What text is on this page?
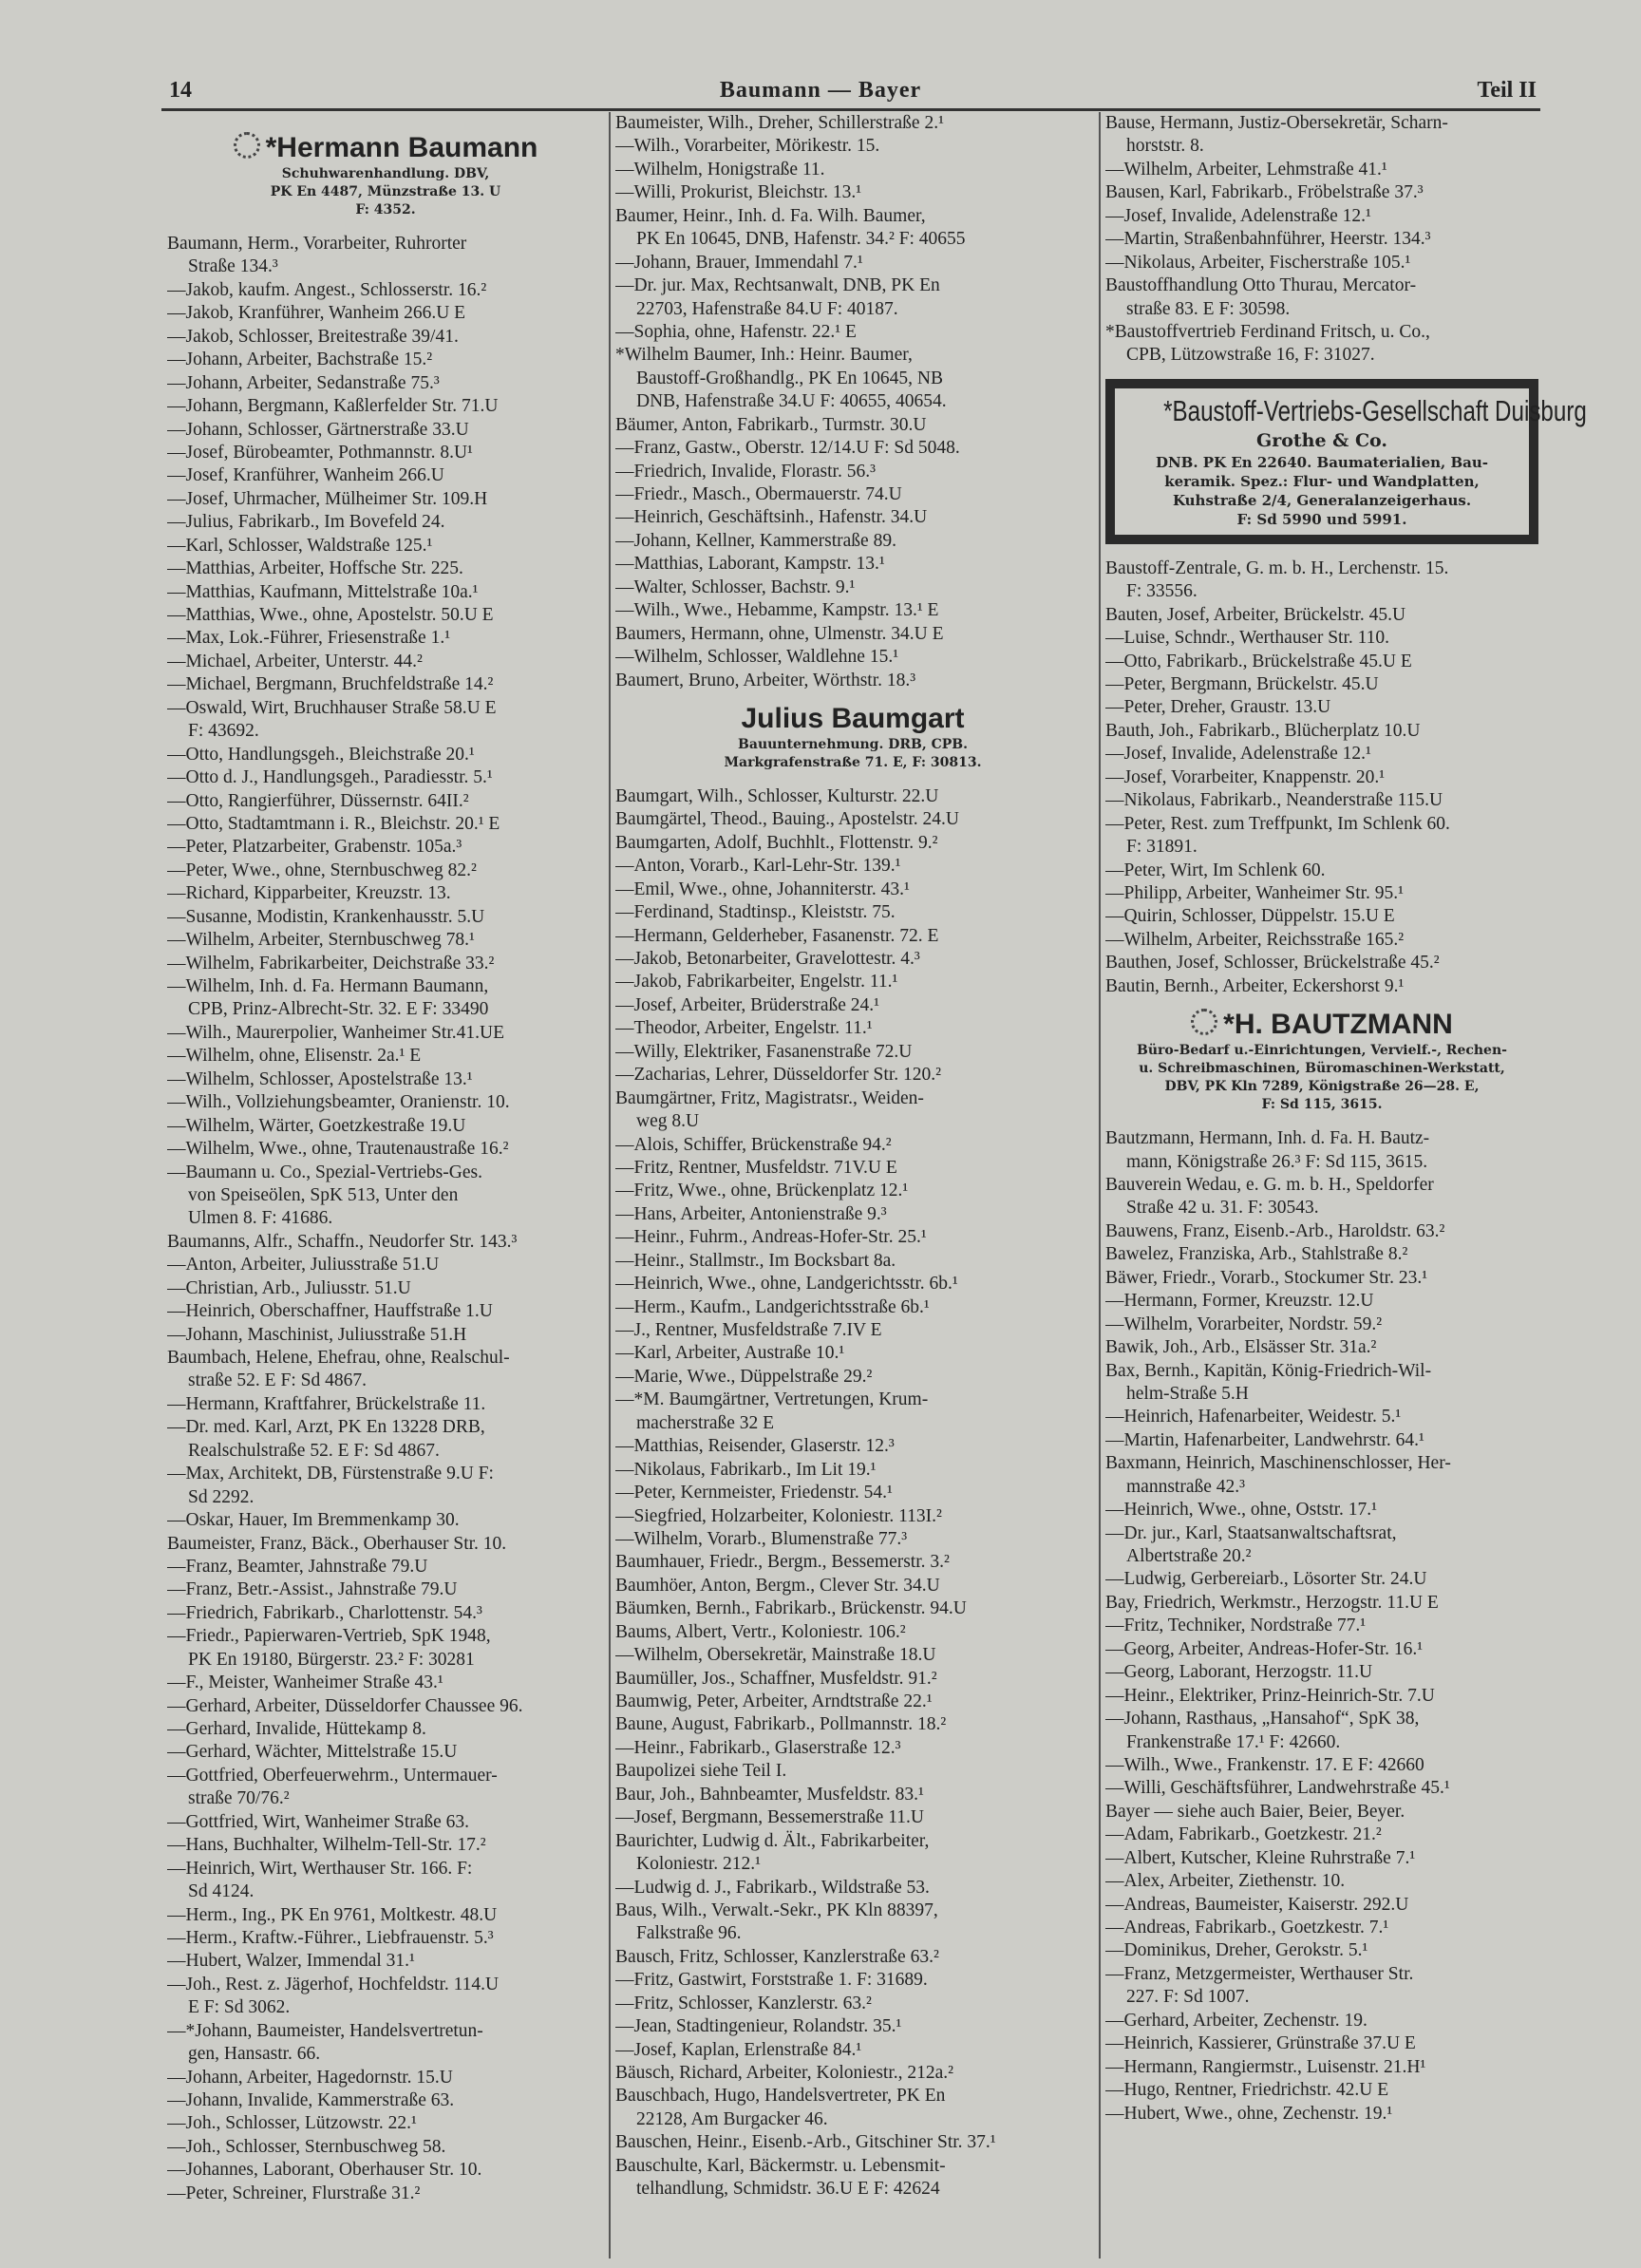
14	Baumann — Bayer	Teil II
*Hermann Baumann
Schuhwarenhandlung. DBV,
PK En 4487, Münzstraße 13. U
F: 4352.
Baumann, Herm., Vorarbeiter, Ruhrorter
Straße 134.³
—Jakob, kaufm. Angest., Schlosserstr. 16.²
—Jakob, Kranführer, Wanheim 266.U E
—Jakob, Schlosser, Breitestraße 39/41.
—Johann, Arbeiter, Bachstraße 15.²
—Johann, Arbeiter, Sedanstraße 75.³
—Johann, Bergmann, Kaßlerfelder Str. 71.U
—Johann, Schlosser, Gärtnerstraße 33.U
—Josef, Bürobeamter, Pothmannstr. 8.U¹
—Josef, Kranführer, Wanheim 266.U
—Josef, Uhrmacher, Mülheimer Str. 109.H
—Julius, Fabrikarb., Im Bovefeld 24.
—Karl, Schlosser, Waldstraße 125.¹
—Matthias, Arbeiter, Hoffsche Str. 225.
—Matthias, Kaufmann, Mittelstraße 10a.¹
—Matthias, Wwe., ohne, Apostelstr. 50.U E
—Max, Lok.-Führer, Friesenstraße 1.¹
—Michael, Arbeiter, Unterstr. 44.²
—Michael, Bergmann, Bruchfeldstraße 14.²
—Oswald, Wirt, Bruchhauser Straße 58.U E
F: 43692.
—Otto, Handlungsgeh., Bleichstraße 20.¹
—Otto d. J., Handlungsgeh., Paradiesstr. 5.¹
—Otto, Rangierführer, Düssernstr. 64II.²
—Otto, Stadtamtmann i. R., Bleichstr. 20.¹ E
—Peter, Platzarbeiter, Grabenstr. 105a.³
—Peter, Wwe., ohne, Sternbuschweg 82.²
—Richard, Kipparbeiter, Kreuzstr. 13.
—Susanne, Modistin, Krankenhausstr. 5.U
—Wilhelm, Arbeiter, Sternbuschweg 78.¹
—Wilhelm, Fabrikarbeiter, Deichstraße 33.²
—Wilhelm, Inh. d. Fa. Hermann Baumann,
CPB, Prinz-Albrecht-Str. 32. E F: 33490
—Wilh., Maurerpolier, Wanheimer Str.41.UE
—Wilhelm, ohne, Elisenstr. 2a.¹ E
—Wilhelm, Schlosser, Apostelstraße 13.¹
—Wilh., Vollziehungsbeamter, Oranienstr. 10.
—Wilhelm, Wärter, Goetzkestraße 19.U
—Wilhelm, Wwe., ohne, Trautenaustraße 16.²
—Baumann u. Co., Spezial-Vertriebs-Ges.
von Speiseölen, SpK 513, Unter den
Ulmen 8. F: 41686.
Baumanns, Alfr., Schaffn., Neudorfer Str. 143.³
—Anton, Arbeiter, Juliusstraße 51.U
—Christian, Arb., Juliusstr. 51.U
—Heinrich, Oberschaffner, Hauffstraße 1.U
—Johann, Maschinist, Juliusstraße 51.H
Baumbach, Helene, Ehefrau, ohne, Realschul-
straße 52. E F: Sd 4867.
—Hermann, Kraftfahrer, Brückelstraße 11.
—Dr. med. Karl, Arzt, PK En 13228 DRB,
Realschulstraße 52. E F: Sd 4867.
—Max, Architekt, DB, Fürstenstraße 9.U F:
Sd 2292.
—Oskar, Hauer, Im Bremmenkamp 30.
Baumeister, Franz, Bäck., Oberhauser Str. 10.
—Franz, Beamter, Jahnstraße 79.U
—Franz, Betr.-Assist., Jahnstraße 79.U
—Friedrich, Fabrikarb., Charlottenstr. 54.³
—Friedr., Papierwaren-Vertrieb, SpK 1948,
PK En 19180, Bürgerstr. 23.² F: 30281
—F., Meister, Wanheimer Straße 43.¹
—Gerhard, Arbeiter, Düsseldorfer Chaussee 96.
—Gerhard, Invalide, Hüttekamp 8.
—Gerhard, Wächter, Mittelstraße 15.U
—Gottfried, Oberfeuerwehrm., Untermauer-
straße 70/76.²
—Gottfried, Wirt, Wanheimer Straße 63.
—Hans, Buchhalter, Wilhelm-Tell-Str. 17.²
—Heinrich, Wirt, Werthauser Str. 166. F:
Sd 4124.
—Herm., Ing., PK En 9761, Moltkestr. 48.U
—Herm., Kraftw.-Führer., Liebfrauenstr. 5.³
—Hubert, Walzer, Immendal 31.¹
—Joh., Rest. z. Jägerhof, Hochfeldstr. 114.U
E F: Sd 3062.
—*Johann, Baumeister, Handelsvertretun-
gen, Hansastr. 66.
—Johann, Arbeiter, Hagedornstr. 15.U
—Johann, Invalide, Kammerstraße 63.
—Joh., Schlosser, Lützowstr. 22.¹
—Joh., Schlosser, Sternbuschweg 58.
—Johannes, Laborant, Oberhauser Str. 10.
—Peter, Schreiner, Flurstraße 31.²
Baumeister, Wilh., Dreher, Schillerstraße 2.¹
—Wilh., Vorarbeiter, Mörikestr. 15.
—Wilhelm, Honigstraße 11.
—Willi, Prokurist, Bleichstr. 13.¹
Baumer, Heinr., Inh. d. Fa. Wilh. Baumer,
PK En 10645, DNB, Hafenstr. 34.² F: 40655
—Johann, Brauer, Immendahl 7.¹
—Dr. jur. Max, Rechtsanwalt, DNB, PK En
22703, Hafenstraße 84.U F: 40187.
—Sophia, ohne, Hafenstr. 22.¹ E
*Wilhelm Baumer, Inh.: Heinr. Baumer,
Baustoff-Großhandlg., PK En 10645, NB
DNB, Hafenstraße 34.U F: 40655, 40654.
Bäumer, Anton, Fabrikarb., Turmstr. 30.U
—Franz, Gastw., Oberstr. 12/14.U F: Sd 5048.
—Friedrich, Invalide, Florastr. 56.³
—Friedr., Masch., Obermauerstr. 74.U
—Heinrich, Geschäftsinh., Hafenstr. 34.U
—Johann, Kellner, Kammerstraße 89.
—Matthias, Laborant, Kampstr. 13.¹
—Walter, Schlosser, Bachstr. 9.¹
—Wilh., Wwe., Hebamme, Kampstr. 13.¹ E
Baumers, Hermann, ohne, Ulmenstr. 34.U E
—Wilhelm, Schlosser, Waldlehne 15.¹
Baumert, Bruno, Arbeiter, Wörthstr. 18.³
Julius Baumgart
Bauunternehmung. DRB, CPB.
Markgrafenstraße 71. E, F: 30813.
Baumgart, Wilh., Schlosser, Kulturstr. 22.U
Baumgärtel, Theod., Bauing., Apostelstr. 24.U
Baumgarten, Adolf, Buchhlt., Flottenstr. 9.²
—Anton, Vorarb., Karl-Lehr-Str. 139.¹
—Emil, Wwe., ohne, Johanniterstr. 43.¹
—Ferdinand, Stadtinsp., Kleiststr. 75.
—Hermann, Gelderheber, Fasanenstr. 72. E
—Jakob, Betonarbeiter, Gravelottestr. 4.³
—Jakob, Fabrikarbeiter, Engelstr. 11.¹
—Josef, Arbeiter, Brüderstraße 24.¹
—Theodor, Arbeiter, Engelstr. 11.¹
—Willy, Elektriker, Fasanenstraße 72.U
—Zacharias, Lehrer, Düsseldorfer Str. 120.²
Baumgärtner, Fritz, Magistratsr., Weiden-
weg 8.U
—Alois, Schiffer, Brückenstraße 94.²
—Fritz, Rentner, Musfeldstr. 71V.U E
—Fritz, Wwe., ohne, Brückenplatz 12.¹
—Hans, Arbeiter, Antonienstraße 9.³
—Heinr., Fuhrm., Andreas-Hofer-Str. 25.¹
—Heinr., Stallmstr., Im Bocksbart 8a.
—Heinrich, Wwe., ohne, Landgerichtsstr. 6b.¹
—Herm., Kaufm., Landgerichtsstraße 6b.¹
—J., Rentner, Musfeldstraße 7.IV E
—Karl, Arbeiter, Austraße 10.¹
—Marie, Wwe., Düppelstraße 29.²
—*M. Baumgärtner, Vertretungen, Krum-
macherstraße 32 E
—Matthias, Reisender, Glaserstr. 12.³
—Nikolaus, Fabrikarb., Im Lit 19.¹
—Peter, Kernmeister, Friedenstr. 54.¹
—Siegfried, Holzarbeiter, Koloniestr. 113I.²
—Wilhelm, Vorarb., Blumenstraße 77.³
Baumhauer, Friedr., Bergm., Bessemerstr. 3.²
Baumhöer, Anton, Bergm., Clever Str. 34.U
Bäumken, Bernh., Fabrikarb., Brückenstr. 94.U
Baums, Albert, Vertr., Koloniestr. 106.²
—Wilhelm, Obersekretär, Mainstraße 18.U
Baumüller, Jos., Schaffner, Musfeldstr. 91.²
Baumwig, Peter, Arbeiter, Arndtstraße 22.¹
Baune, August, Fabrikarb., Pollmannstr. 18.²
—Heinr., Fabrikarb., Glaserstraße 12.³
Baupolizei siehe Teil I.
Baur, Joh., Bahnbeamter, Musfeldstr. 83.¹
—Josef, Bergmann, Bessemerstraße 11.U
Baurichter, Ludwig d. Ält., Fabrikarbeiter,
Koloniestr. 212.¹
—Ludwig d. J., Fabrikarb., Wildstraße 53.
Baus, Wilh., Verwalt.-Sekr., PK Kln 88397,
Falkstraße 96.
Bausch, Fritz, Schlosser, Kanzlerstraße 63.²
—Fritz, Gastwirt, Forststraße 1. F: 31689.
—Fritz, Schlosser, Kanzlerstr. 63.²
—Jean, Stadtingenieur, Rolandstr. 35.¹
—Josef, Kaplan, Erlenstraße 84.¹
Bäusch, Richard, Arbeiter, Koloniestr., 212a.²
Bauschbach, Hugo, Handelsvertreter, PK En
22128, Am Burgacker 46.
Bauschen, Heinr., Eisenb.-Arb., Gitschiner Str. 37.¹
Bauschulte, Karl, Bäckermstr. u. Lebensmit-
telhandlung, Schmidstr. 36.U E F: 42624
Bause, Hermann, Justiz-Obersekretär, Scharn-
horststr. 8.
—Wilhelm, Arbeiter, Lehmstraße 41.¹
Bausen, Karl, Fabrikarb., Fröbelstraße 37.³
—Josef, Invalide, Adelenstraße 12.¹
—Martin, Straßenbahnführer, Heerstr. 134.³
—Nikolaus, Arbeiter, Fischerstraße 105.¹
Baustoffhandlung Otto Thurau, Mercator-
straße 83. E F: 30598.
*Baustoffvertrieb Ferdinand Fritsch, u. Co.,
CPB, Lützowstraße 16, F: 31027.
*Baustoff-Vertriebs-Gesellschaft Duisburg
Grothe & Co.
DNB. PK En 22640. Baumaterialien, Bau-
keramik. Spez.: Flur- und Wandplatten,
Kuhstraße 2/4, Generalanzeigerhaus.
F: Sd 5990 und 5991.
Baustoff-Zentrale, G. m. b. H., Lerchenstr. 15.
F: 33556.
Bauten, Josef, Arbeiter, Brückelstr. 45.U
—Luise, Schndr., Werthauser Str. 110.
—Otto, Fabrikarb., Brückelstraße 45.U E
—Peter, Bergmann, Brückelstr. 45.U
—Peter, Dreher, Graustr. 13.U
Bauth, Joh., Fabrikarb., Blücherplatz 10.U
—Josef, Invalide, Adelenstraße 12.¹
—Josef, Vorarbeiter, Knappenstr. 20.¹
—Nikolaus, Fabrikarb., Neanderstraße 115.U
—Peter, Rest. zum Treffpunkt, Im Schlenk 60.
F: 31891.
—Peter, Wirt, Im Schlenk 60.
—Philipp, Arbeiter, Wanheimer Str. 95.¹
—Quirin, Schlosser, Düppelstr. 15.U E
—Wilhelm, Arbeiter, Reichsstraße 165.²
Bauthen, Josef, Schlosser, Brückelstraße 45.²
Bautin, Bernh., Arbeiter, Eckershorst 9.¹
*H. BAUTZMANN
Büro-Bedarf u.-Einrichtungen, Vervielf.-, Rechen-
u. Schreibmaschinen, Büromaschinen-Werkstatt,
DBV, PK Kln 7289, Königstraße 26—28. E,
F: Sd 115, 3615.
Bautzmann, Hermann, Inh. d. Fa. H. Bautz-
mann, Königstraße 26.³ F: Sd 115, 3615.
Bauverein Wedau, e. G. m. b. H., Speldorfer
Straße 42 u. 31. F: 30543.
Bauwens, Franz, Eisenb.-Arb., Haroldstr. 63.²
Bawelez, Franziska, Arb., Stahlstraße 8.²
Bäwer, Friedr., Vorarb., Stockumer Str. 23.¹
—Hermann, Former, Kreuzstr. 12.U
—Wilhelm, Vorarbeiter, Nordstr. 59.²
Bawik, Joh., Arb., Elsässer Str. 31a.²
Bax, Bernh., Kapitän, König-Friedrich-Wil-
helm-Straße 5.H
—Heinrich, Hafenarbeiter, Weidestr. 5.¹
—Martin, Hafenarbeiter, Landwehrstr. 64.¹
Baxmann, Heinrich, Maschinenschlosser, Her-
mannstraße 42.³
—Heinrich, Wwe., ohne, Oststr. 17.¹
—Dr. jur., Karl, Staatsanwaltschaftsrat,
Albertstraße 20.²
—Ludwig, Gerbereiarb., Lösorter Str. 24.U
Bay, Friedrich, Werkmstr., Herzogstr. 11.U E
—Fritz, Techniker, Nordstraße 77.¹
—Georg, Arbeiter, Andreas-Hofer-Str. 16.¹
—Georg, Laborant, Herzogstr. 11.U
—Heinr., Elektriker, Prinz-Heinrich-Str. 7.U
—Johann, Rasthaus, „Hansahof“, SpK 38,
Frankenstraße 17.¹ F: 42660.
—Wilh., Wwe., Frankenstr. 17. E F: 42660
—Willi, Geschäftsführer, Landwehrstraße 45.¹
Bayer — siehe auch Baier, Beier, Beyer.
—Adam, Fabrikarb., Goetzkestr. 21.²
—Albert, Kutscher, Kleine Ruhrstraße 7.¹
—Alex, Arbeiter, Ziethenstr. 10.
—Andreas, Baumeister, Kaiserstr. 292.U
—Andreas, Fabrikarb., Goetzkestr. 7.¹
—Dominikus, Dreher, Gerokstr. 5.¹
—Franz, Metzgermeister, Werthauser Str.
227. F: Sd 1007.
—Gerhard, Arbeiter, Zechenstr. 19.
—Heinrich, Kassierer, Grünstraße 37.U E
—Hermann, Rangiermstr., Luisenstr. 21.H¹
—Hugo, Rentner, Friedrichstr. 42.U E
—Hubert, Wwe., ohne, Zechenstr. 19.¹
